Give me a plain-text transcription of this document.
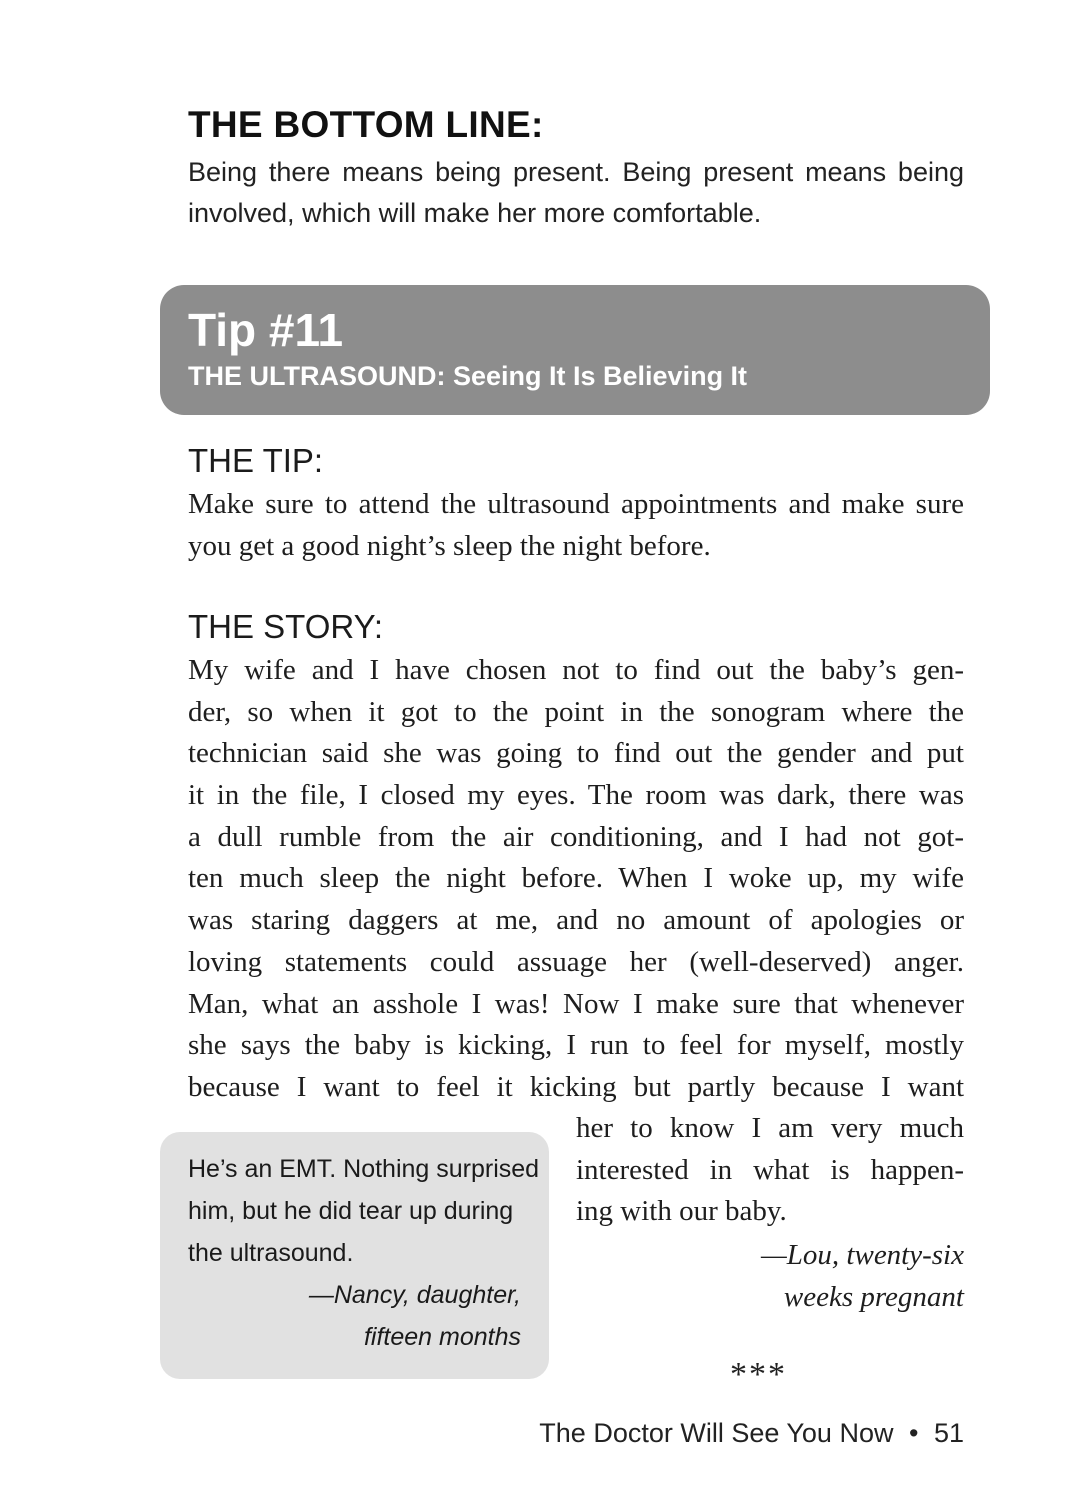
THE BOTTOM LINE:
Being there means being present. Being present means being involved, which will make her more comfortable.
Tip #11
THE ULTRASOUND: Seeing It Is Believing It
THE TIP:
Make sure to attend the ultrasound appointments and make sure you get a good night’s sleep the night before.
THE STORY:
My wife and I have chosen not to find out the baby’s gen-
der, so when it got to the point in the sonogram where the
technician said she was going to find out the gender and put
it in the file, I closed my eyes. The room was dark, there was
a dull rumble from the air conditioning, and I had not got-
ten much sleep the night before. When I woke up, my wife
was staring daggers at me, and no amount of apologies or
loving statements could assuage her (well-deserved) anger.
Man, what an asshole I was! Now I make sure that whenever
she says the baby is kicking, I run to feel for myself, mostly
because I want to feel it kicking but partly because I want
her to know I am very much
interested in what is happen-
ing with our baby.
—Lou, twenty-six
weeks pregnant
He’s an EMT. Nothing surprised
him, but he did tear up during
the ultrasound.
—Nancy, daughter,
fifteen months
***
The Doctor Will See You Now • 51
